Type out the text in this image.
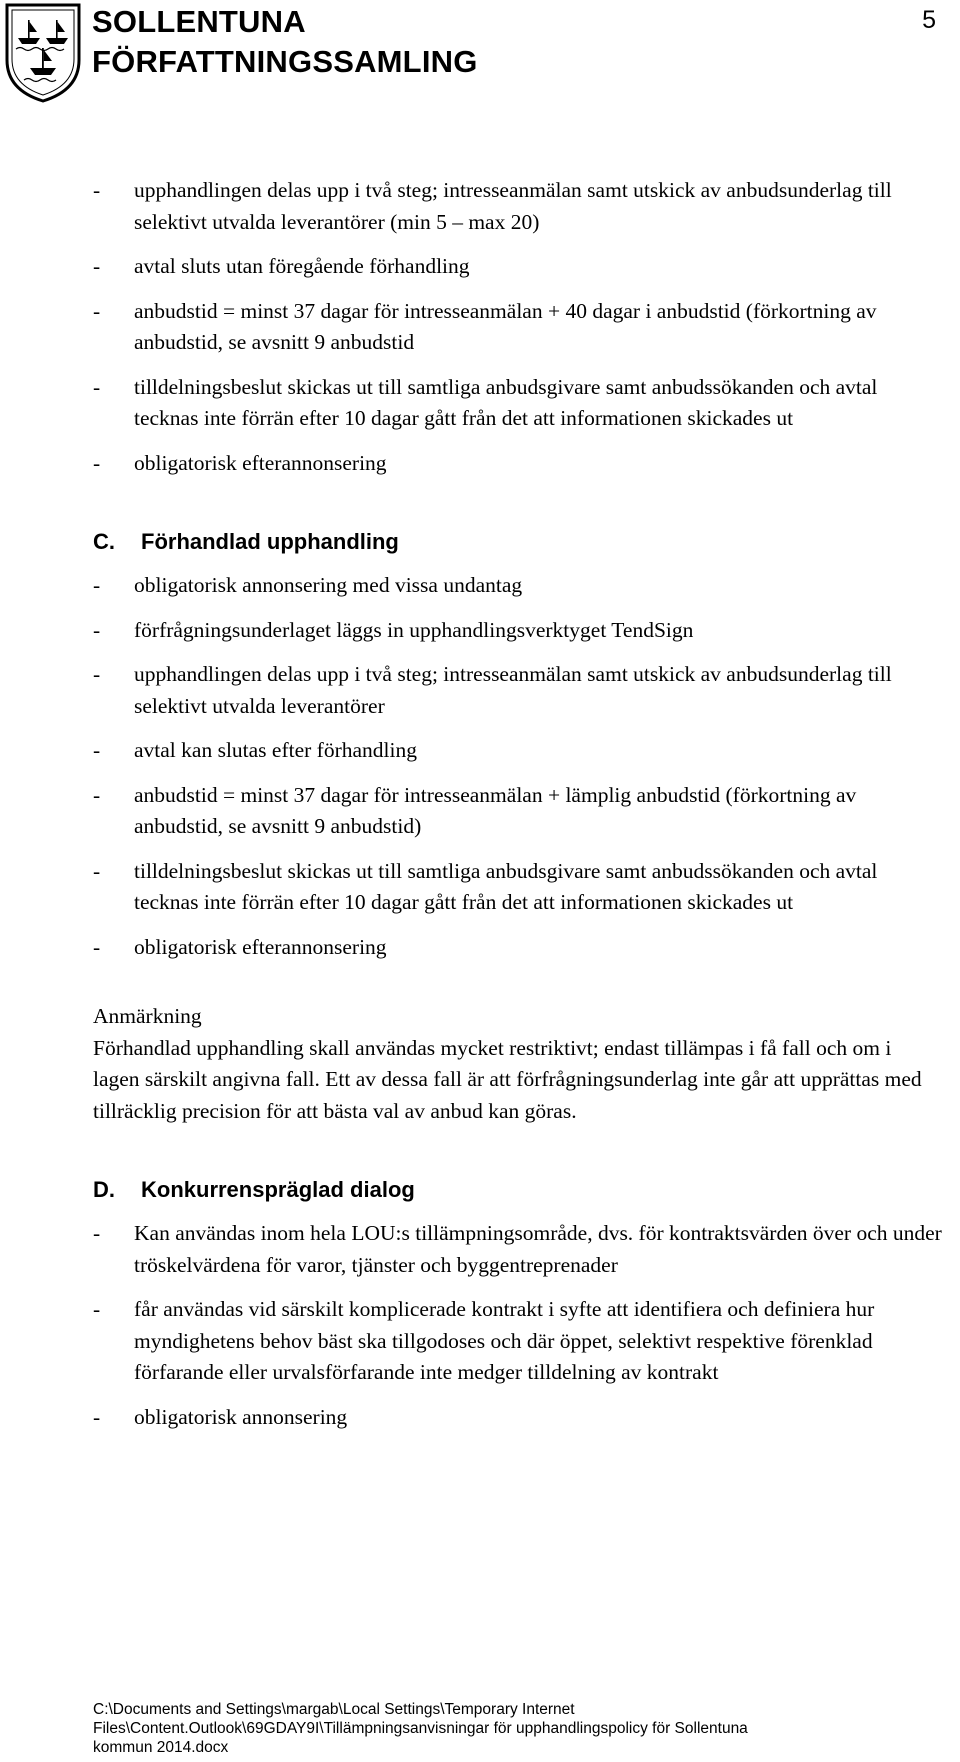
SOLLENTUNA
FÖRFATTNINGSSAMLING
5
- upphandlingen delas upp i två steg; intresseanmälan samt utskick av anbudsunderlag till selektivt utvalda leverantörer (min 5 – max 20)
- avtal sluts utan föregående förhandling
- anbudstid = minst 37 dagar för intresseanmälan + 40 dagar i anbudstid (förkortning av anbudstid, se avsnitt 9 anbudstid
- tilldelningsbeslut skickas ut till samtliga anbudsgivare samt anbudssökanden och avtal tecknas inte förrän efter 10 dagar gått från det att informationen skickades ut
- obligatorisk efterannonsering
C. Förhandlad upphandling
- obligatorisk annonsering med vissa undantag
- förfrågningsunderlaget läggs in upphandlingsverktyget TendSign
- upphandlingen delas upp i två steg; intresseanmälan samt utskick av anbudsunderlag till selektivt utvalda leverantörer
- avtal kan slutas efter förhandling
- anbudstid = minst 37 dagar för intresseanmälan + lämplig anbudstid (förkortning av anbudstid, se avsnitt 9 anbudstid)
- tilldelningsbeslut skickas ut till samtliga anbudsgivare samt anbudssökanden och avtal tecknas inte förrän efter 10 dagar gått från det att informationen skickades ut
- obligatorisk efterannonsering
Anmärkning

Förhandlad upphandling skall användas mycket restriktivt; endast tillämpas i få fall och om i lagen särskilt angivna fall. Ett av dessa fall är att förfrågningsunderlag inte går att upprättas med tillräcklig precision för att bästa val av anbud kan göras.

D. Konkurrenspräglad dialog
- Kan användas inom hela LOU:s tillämpningsområde, dvs. för kontraktsvärden över och under tröskelvärdena för varor, tjänster och byggentreprenader
- får användas vid särskilt komplicerade kontrakt i syfte att identifiera och definiera hur myndighetens behov bäst ska tillgodoses och där öppet, selektivt respektive förenklad förfarande eller urvalsförfarande inte medger tilldelning av kontrakt
- obligatorisk annonsering
C:\Documents and Settings\margab\Local Settings\Temporary Internet
Files\Content.Outlook\69GDAY9I\Tillämpningsanvisningar för upphandlingspolicy för Sollentuna
kommun 2014.docx
